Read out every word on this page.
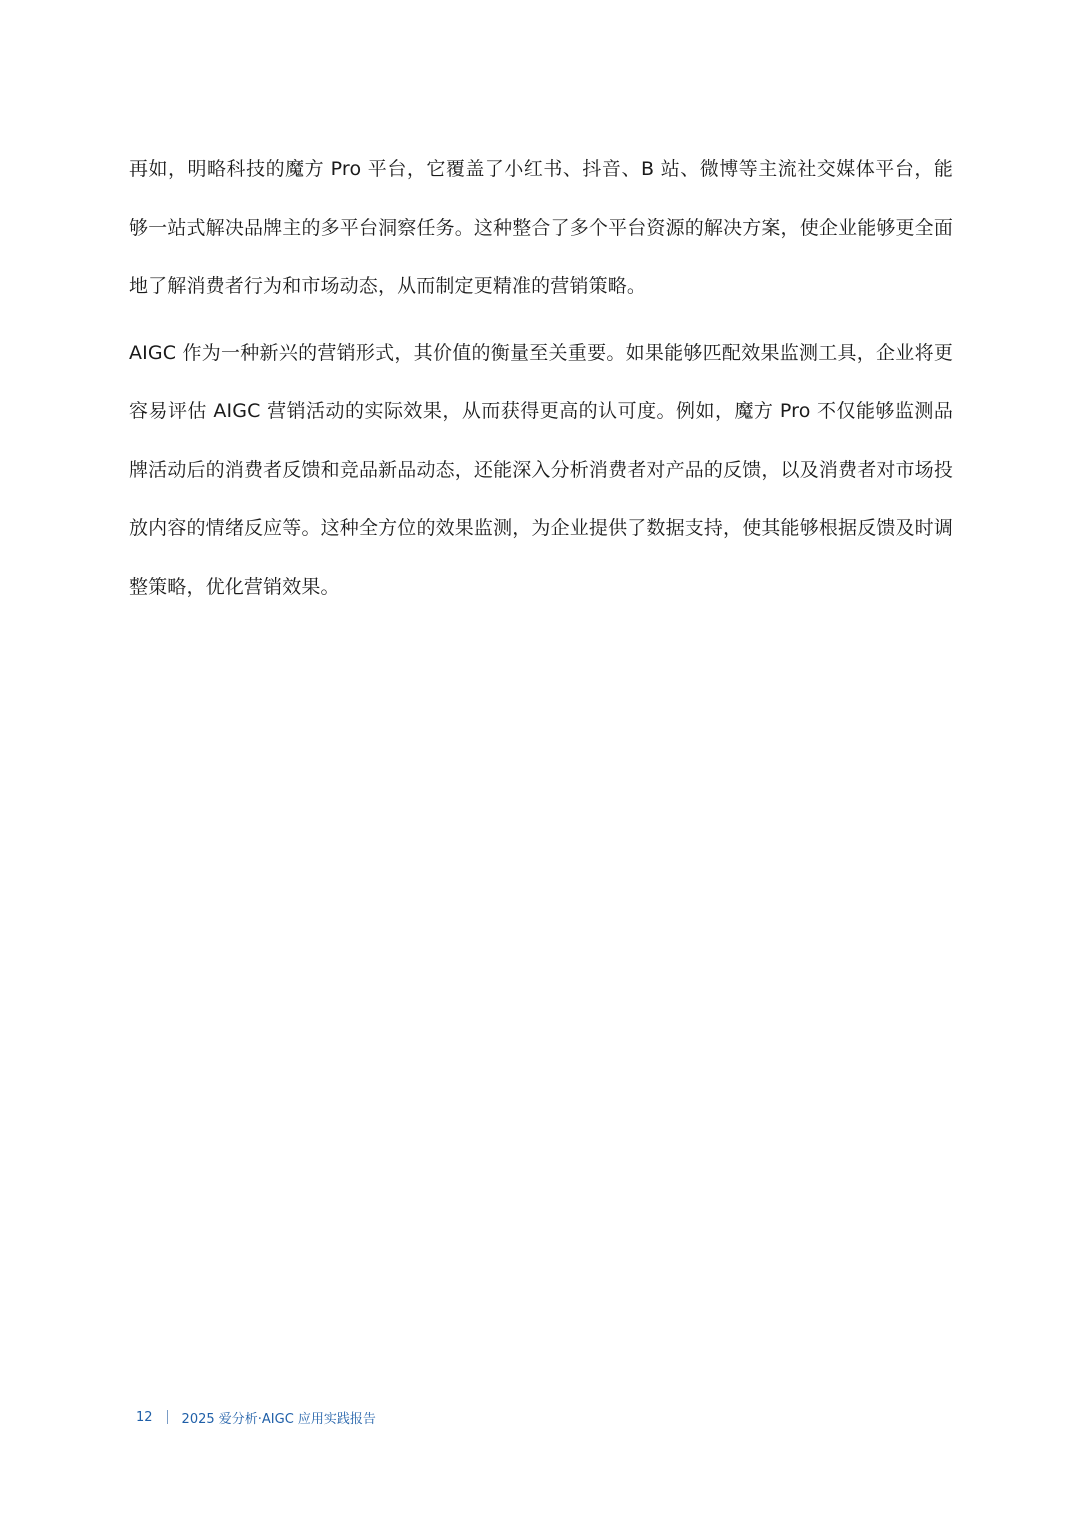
再如，明略科技的魔方 Pro 平台，它覆盖了小红书、抖音、B 站、微博等主流社交媒体平台，能够一站式解决品牌主的多平台洞察任务。这种整合了多个平台资源的解决方案，使企业能够更全面地了解消费者行为和市场动态，从而制定更精准的营销策略。

AIGC 作为一种新兴的营销形式，其价值的衡量至关重要。如果能够匹配效果监测工具，企业将更容易评估 AIGC 营销活动的实际效果，从而获得更高的认可度。例如，魔方 Pro 不仅能够监测品牌活动后的消费者反馈和竞品新品动态，还能深入分析消费者对产品的反馈，以及消费者对市场投放内容的情绪反应等。这种全方位的效果监测，为企业提供了数据支持，使其能够根据反馈及时调整策略，优化营销效果。

12 2025 爱分析·AIGC 应用实践报告
